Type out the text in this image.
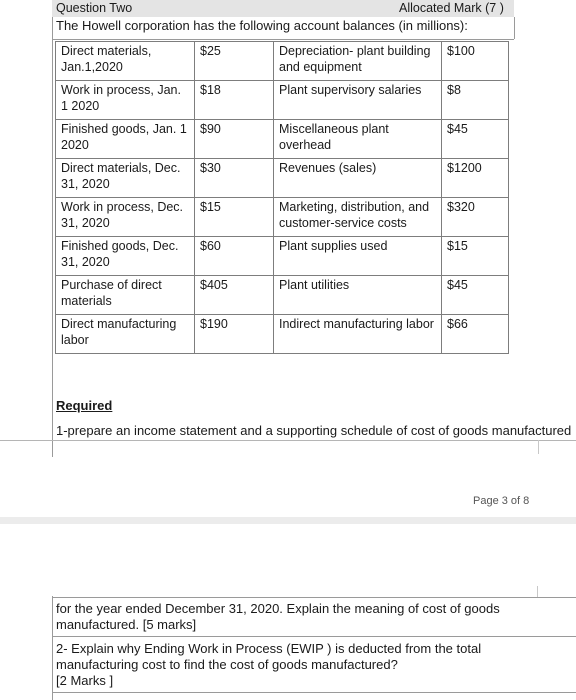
Question Two	Allocated Mark (7 )
The Howell corporation has the following account balances (in millions):
Direct materials, Jan.1,2020	$25	Depreciation- plant building and equipment	$100
Work in process, Jan. 1 2020	$18	Plant supervisory salaries	$8
Finished goods, Jan. 1 2020	$90	Miscellaneous plant overhead	$45
Direct materials, Dec. 31, 2020	$30	Revenues (sales)	$1200
Work in process, Dec. 31, 2020	$15	Marketing, distribution, and customer-service costs	$320
Finished goods, Dec. 31, 2020	$60	Plant supplies used	$15
Purchase of direct materials	$405	Plant utilities	$45
Direct manufacturing labor	$190	Indirect manufacturing labor	$66
Required
1-prepare an income statement and a supporting schedule of cost of goods manufactured
Page 3 of 8
for the year ended December 31, 2020. Explain the meaning of cost of goods manufactured. [5 marks]
2- Explain why Ending Work in Process (EWIP ) is deducted from the total manufacturing cost to find the cost of goods manufactured?
[2 Marks ]
